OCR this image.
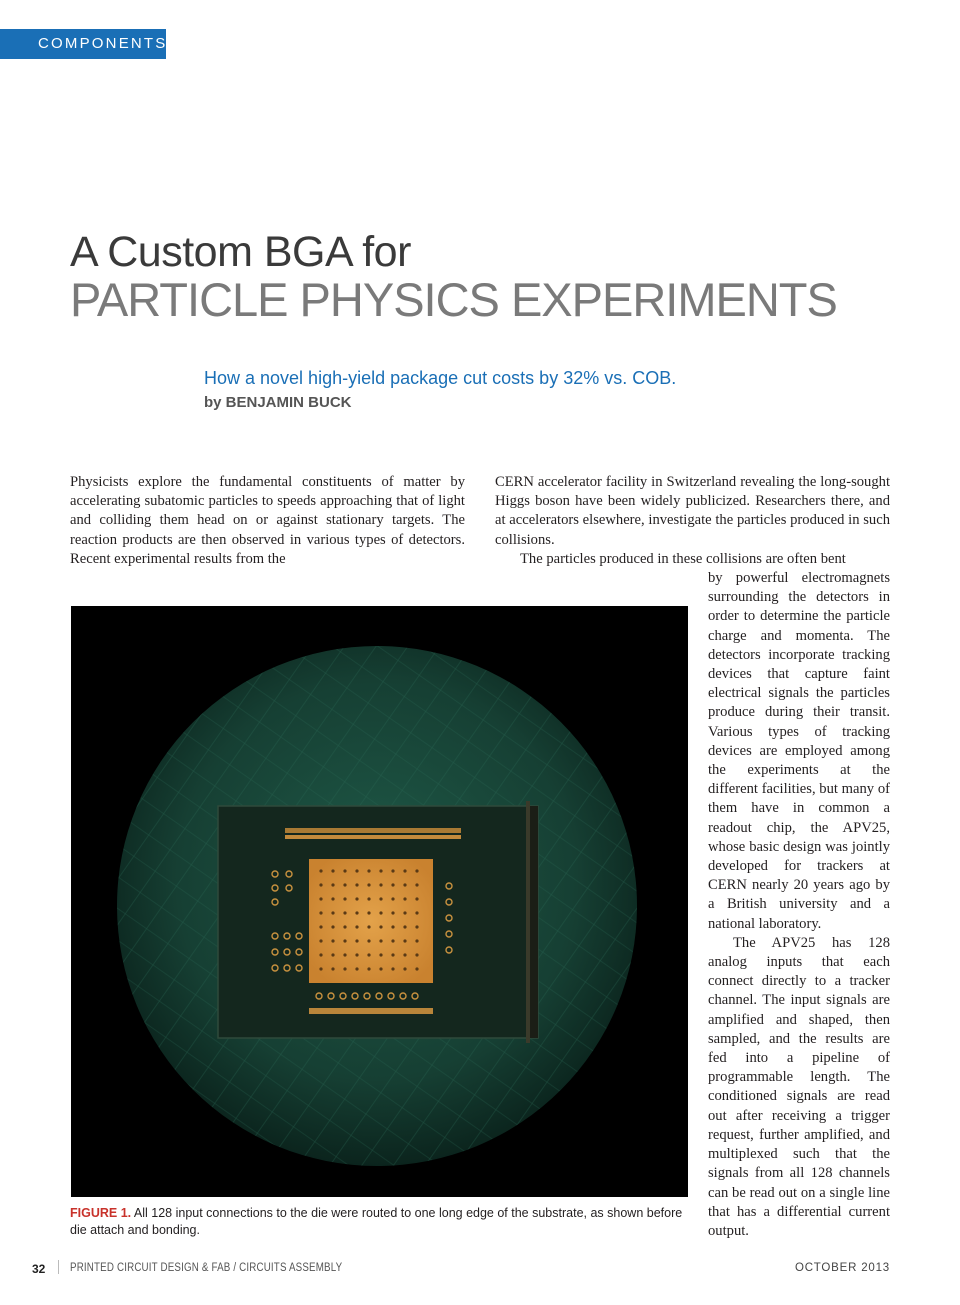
COMPONENTS
A Custom BGA for
PARTICLE PHYSICS EXPERIMENTS
How a novel high-yield package cut costs by 32% vs. COB.
by BENJAMIN BUCK

Physicists explore the fundamental constituents of matter by accelerating subatomic particles to speeds approaching that of light and colliding them head on or against stationary targets. The reaction products are then observed in various types of detectors. Recent experimental results from the

CERN accelerator facility in Switzerland revealing the long-sought Higgs boson have been widely publicized. Researchers there, and at accelerators elsewhere, investigate the particles produced in such collisions.

The particles produced in these collisions are often bent

by powerful electromagnets surrounding the detectors in order to determine the particle charge and momenta. The detectors incorporate tracking devices that capture faint electrical signals the particles produce during their transit. Various types of tracking devices are employed among the experiments at the different facilities, but many of them have in common a readout chip, the APV25, whose basic design was jointly developed for trackers at CERN nearly 20 years ago by a British university and a national laboratory.

The APV25 has 128 analog inputs that each connect directly to a tracker channel. The input signals are amplified and shaped, then sampled, and the results are fed into a pipeline of programmable length. The conditioned signals are read out after receiving a trigger request, further amplified, and multiplexed such that the signals from all 128 channels can be read out on a single line that has a differential current output.

FIGURE 1. All 128 input connections to the die were routed to one long edge of the substrate, as shown before die attach and bonding.
32 PRINTED CIRCUIT DESIGN & FAB / CIRCUITS ASSEMBLY	OCTOBER 2013
